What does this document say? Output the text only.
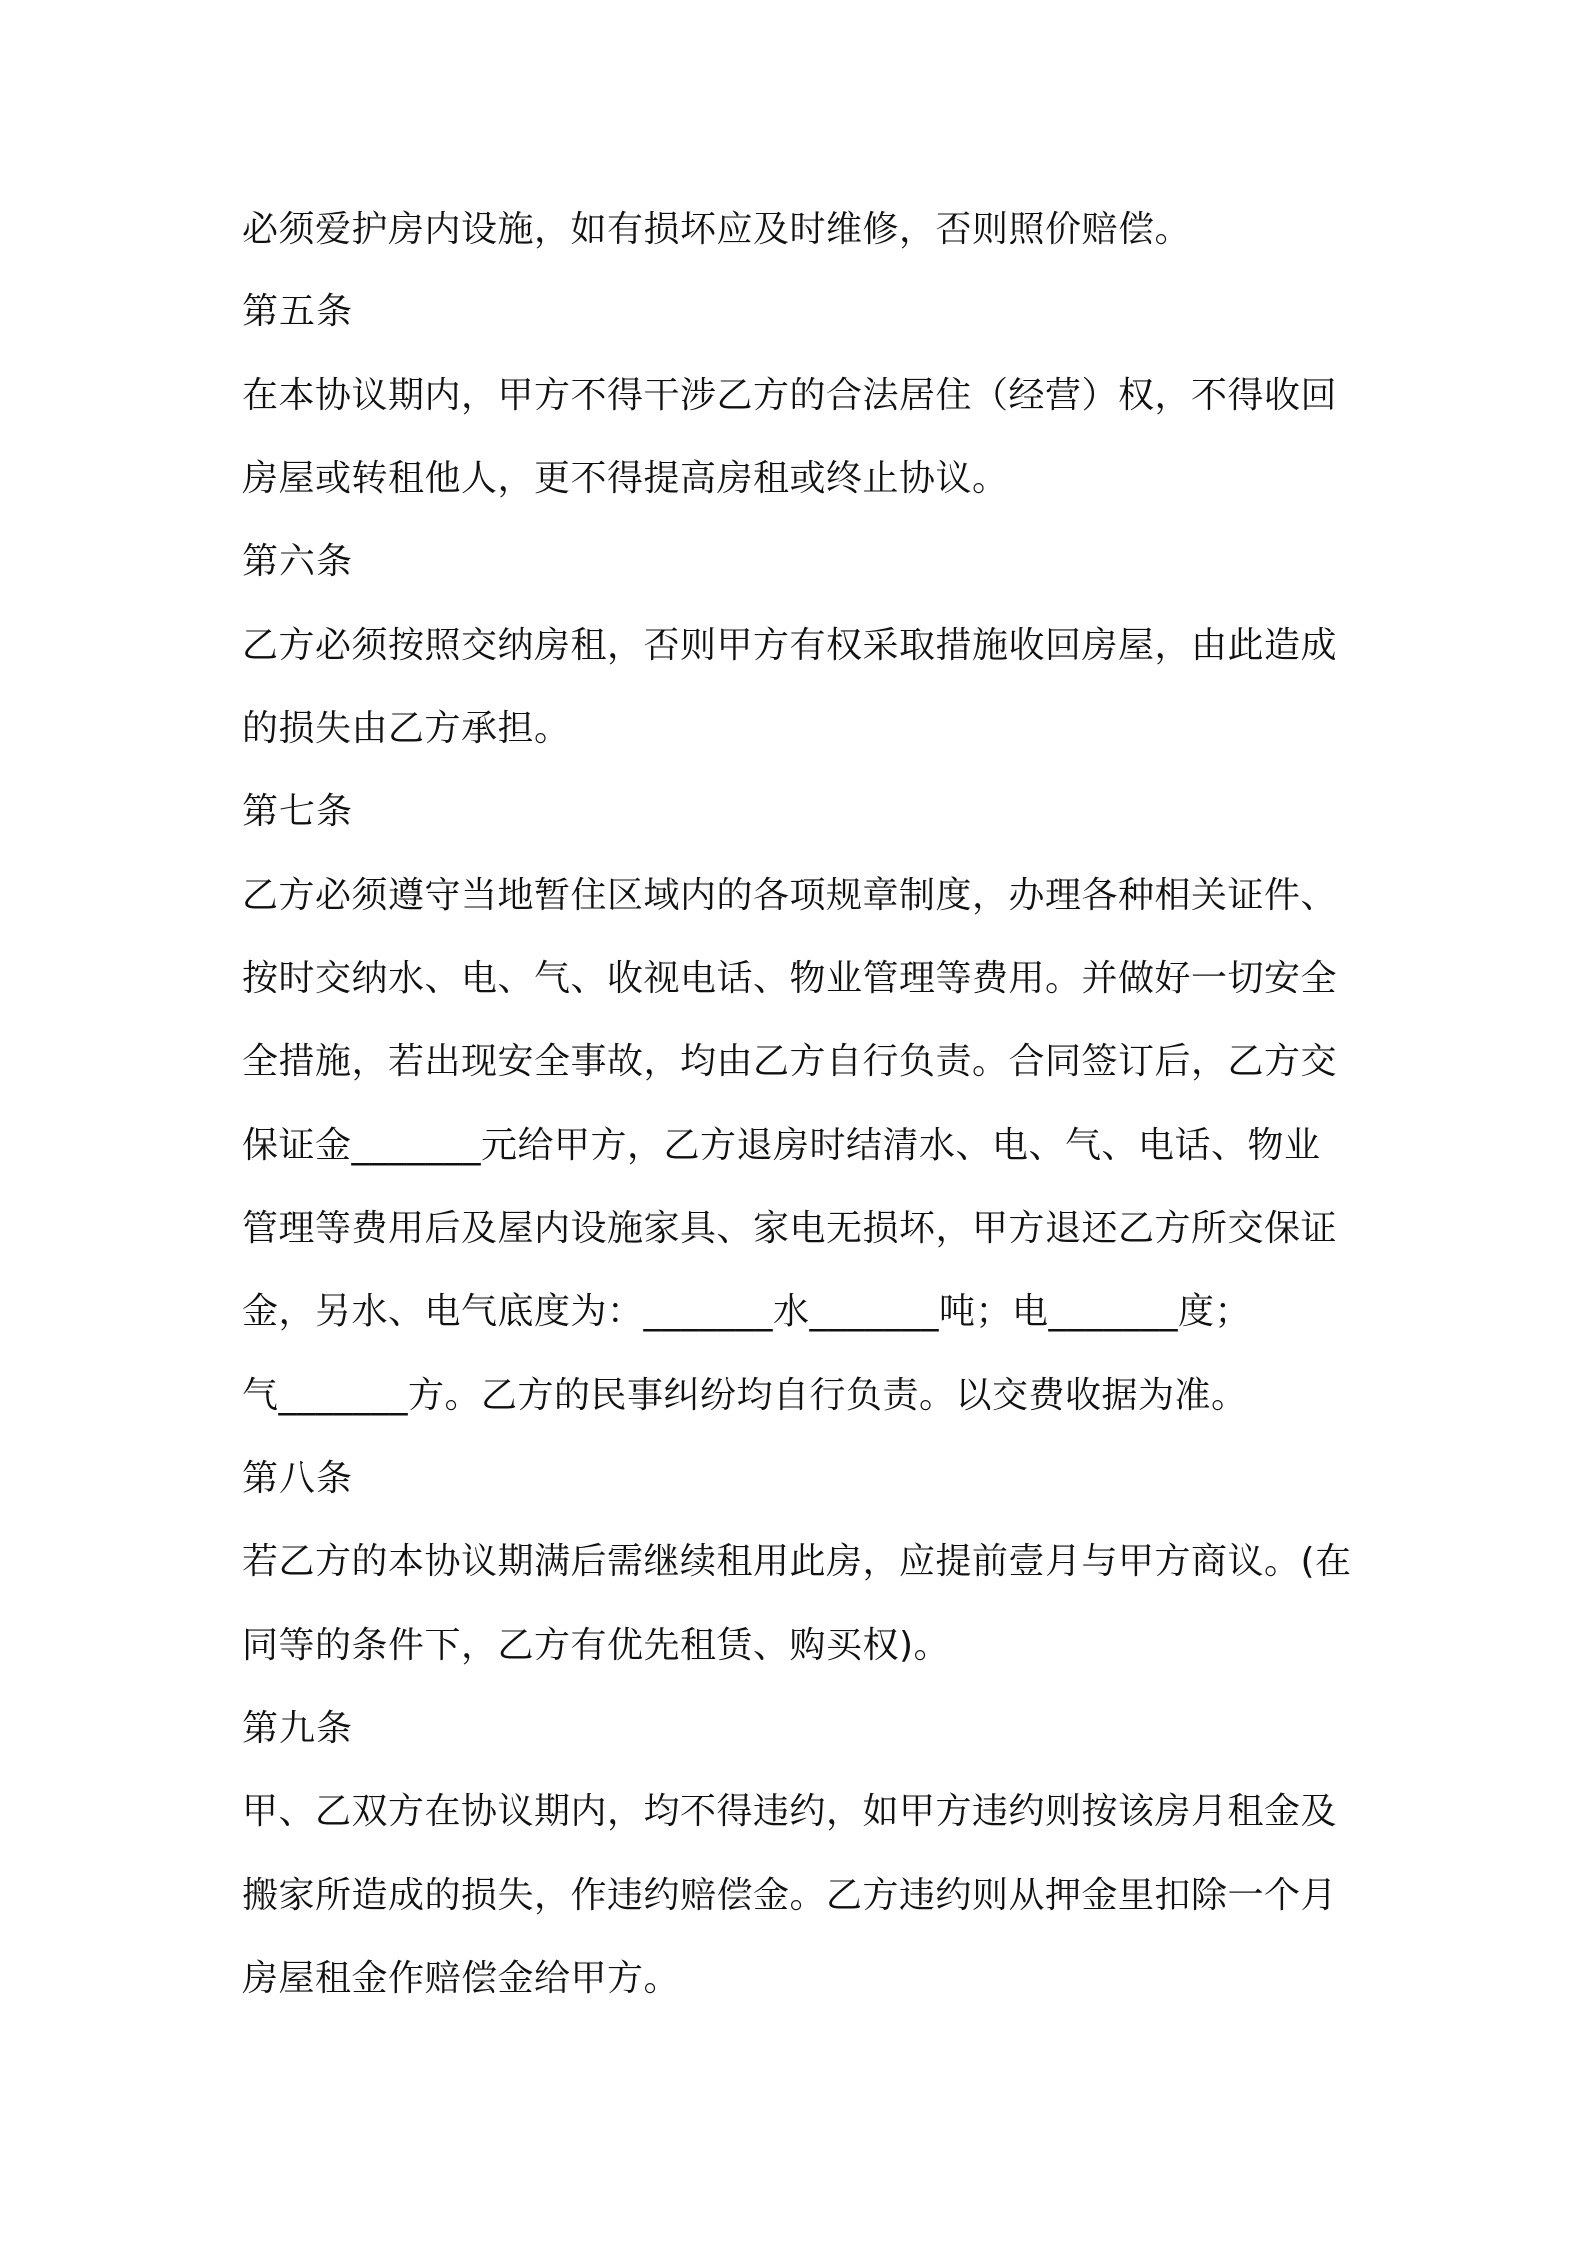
必须爱护房内设施，如有损坏应及时维修，否则照价赔偿。
第五条
在本协议期内，甲方不得干涉乙方的合法居住（经营）权，不得收回
房屋或转租他人，更不得提高房租或终止协议。
第六条
乙方必须按照交纳房租，否则甲方有权采取措施收回房屋，由此造成
的损失由乙方承担。
第七条
乙方必须遵守当地暂住区域内的各项规章制度，办理各种相关证件、
按时交纳水、电、气、收视电话、物业管理等费用。并做好一切安全
全措施，若出现安全事故，均由乙方自行负责。合同签订后，乙方交
保证金_______元给甲方，乙方退房时结清水、电、气、电话、物业
管理等费用后及屋内设施家具、家电无损坏，甲方退还乙方所交保证
金，另水、电气底度为：_______水_______吨；电_______度；
气_______方。乙方的民事纠纷均自行负责。以交费收据为准。
第八条
若乙方的本协议期满后需继续租用此房，应提前壹月与甲方商议。(在
同等的条件下，乙方有优先租赁、购买权)。
第九条
甲、乙双方在协议期内，均不得违约，如甲方违约则按该房月租金及
搬家所造成的损失，作违约赔偿金。乙方违约则从押金里扣除一个月
房屋租金作赔偿金给甲方。
